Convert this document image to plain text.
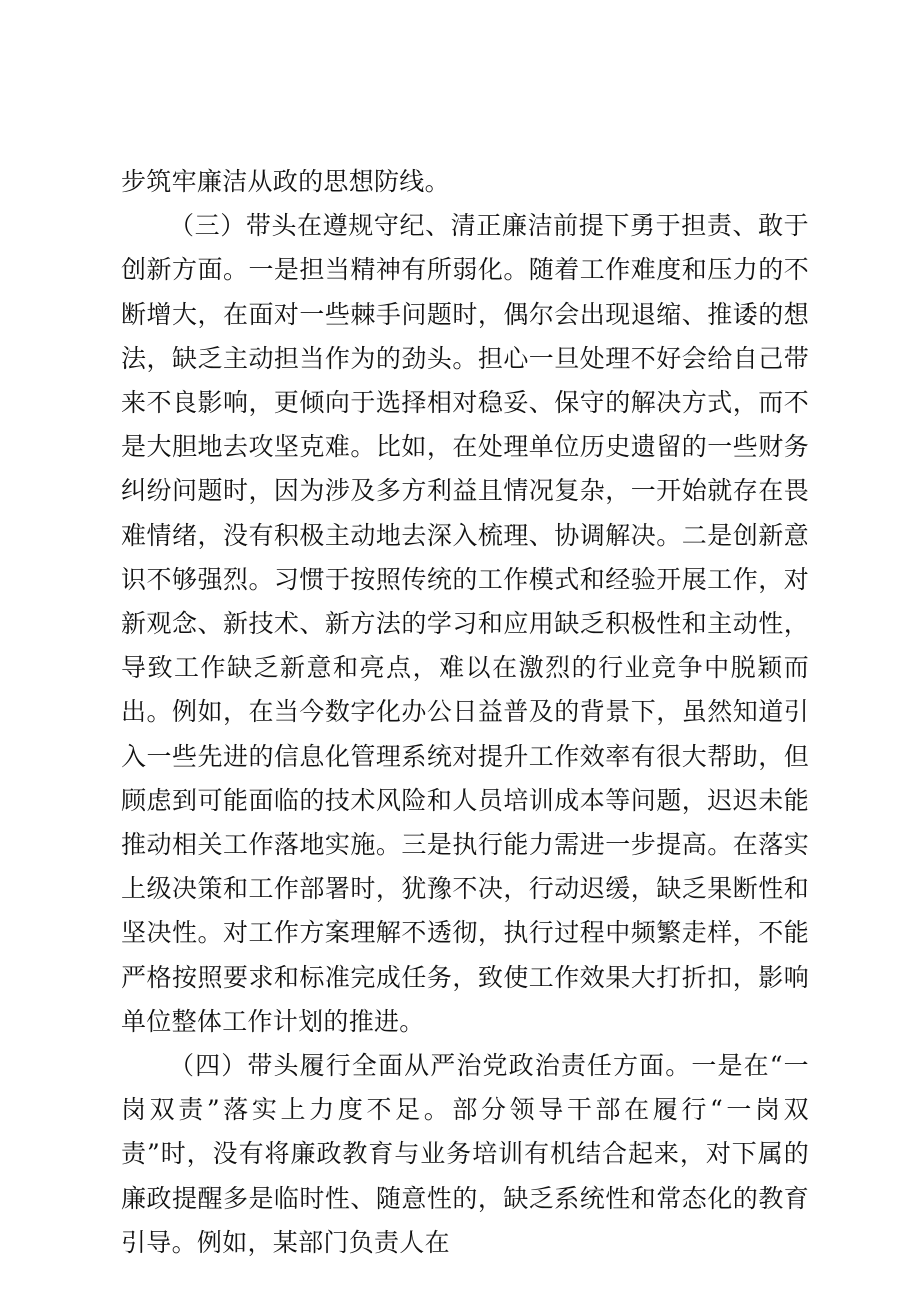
步筑牢廉洁从政的思想防线。

（三）带头在遵规守纪、清正廉洁前提下勇于担责、敢于创新方面。一是担当精神有所弱化。随着工作难度和压力的不断增大，在面对一些棘手问题时，偶尔会出现退缩、推诿的想法，缺乏主动担当作为的劲头。担心一旦处理不好会给自己带来不良影响，更倾向于选择相对稳妥、保守的解决方式，而不是大胆地去攻坚克难。比如，在处理单位历史遗留的一些财务纠纷问题时，因为涉及多方利益且情况复杂，一开始就存在畏难情绪，没有积极主动地去深入梳理、协调解决。二是创新意识不够强烈。习惯于按照传统的工作模式和经验开展工作，对新观念、新技术、新方法的学习和应用缺乏积极性和主动性，导致工作缺乏新意和亮点，难以在激烈的行业竞争中脱颖而出。例如，在当今数字化办公日益普及的背景下，虽然知道引入一些先进的信息化管理系统对提升工作效率有很大帮助，但顾虑到可能面临的技术风险和人员培训成本等问题，迟迟未能推动相关工作落地实施。三是执行能力需进一步提高。在落实上级决策和工作部署时，犹豫不决，行动迟缓，缺乏果断性和坚决性。对工作方案理解不透彻，执行过程中频繁走样，不能严格按照要求和标准完成任务，致使工作效果大打折扣，影响单位整体工作计划的推进。

（四）带头履行全面从严治党政治责任方面。一是在“一岗双责”落实上力度不足。部分领导干部在履行“一岗双责”时，没有将廉政教育与业务培训有机结合起来，对下属的廉政提醒多是临时性、随意性的，缺乏系统性和常态化的教育引导。例如，某部门负责人在
